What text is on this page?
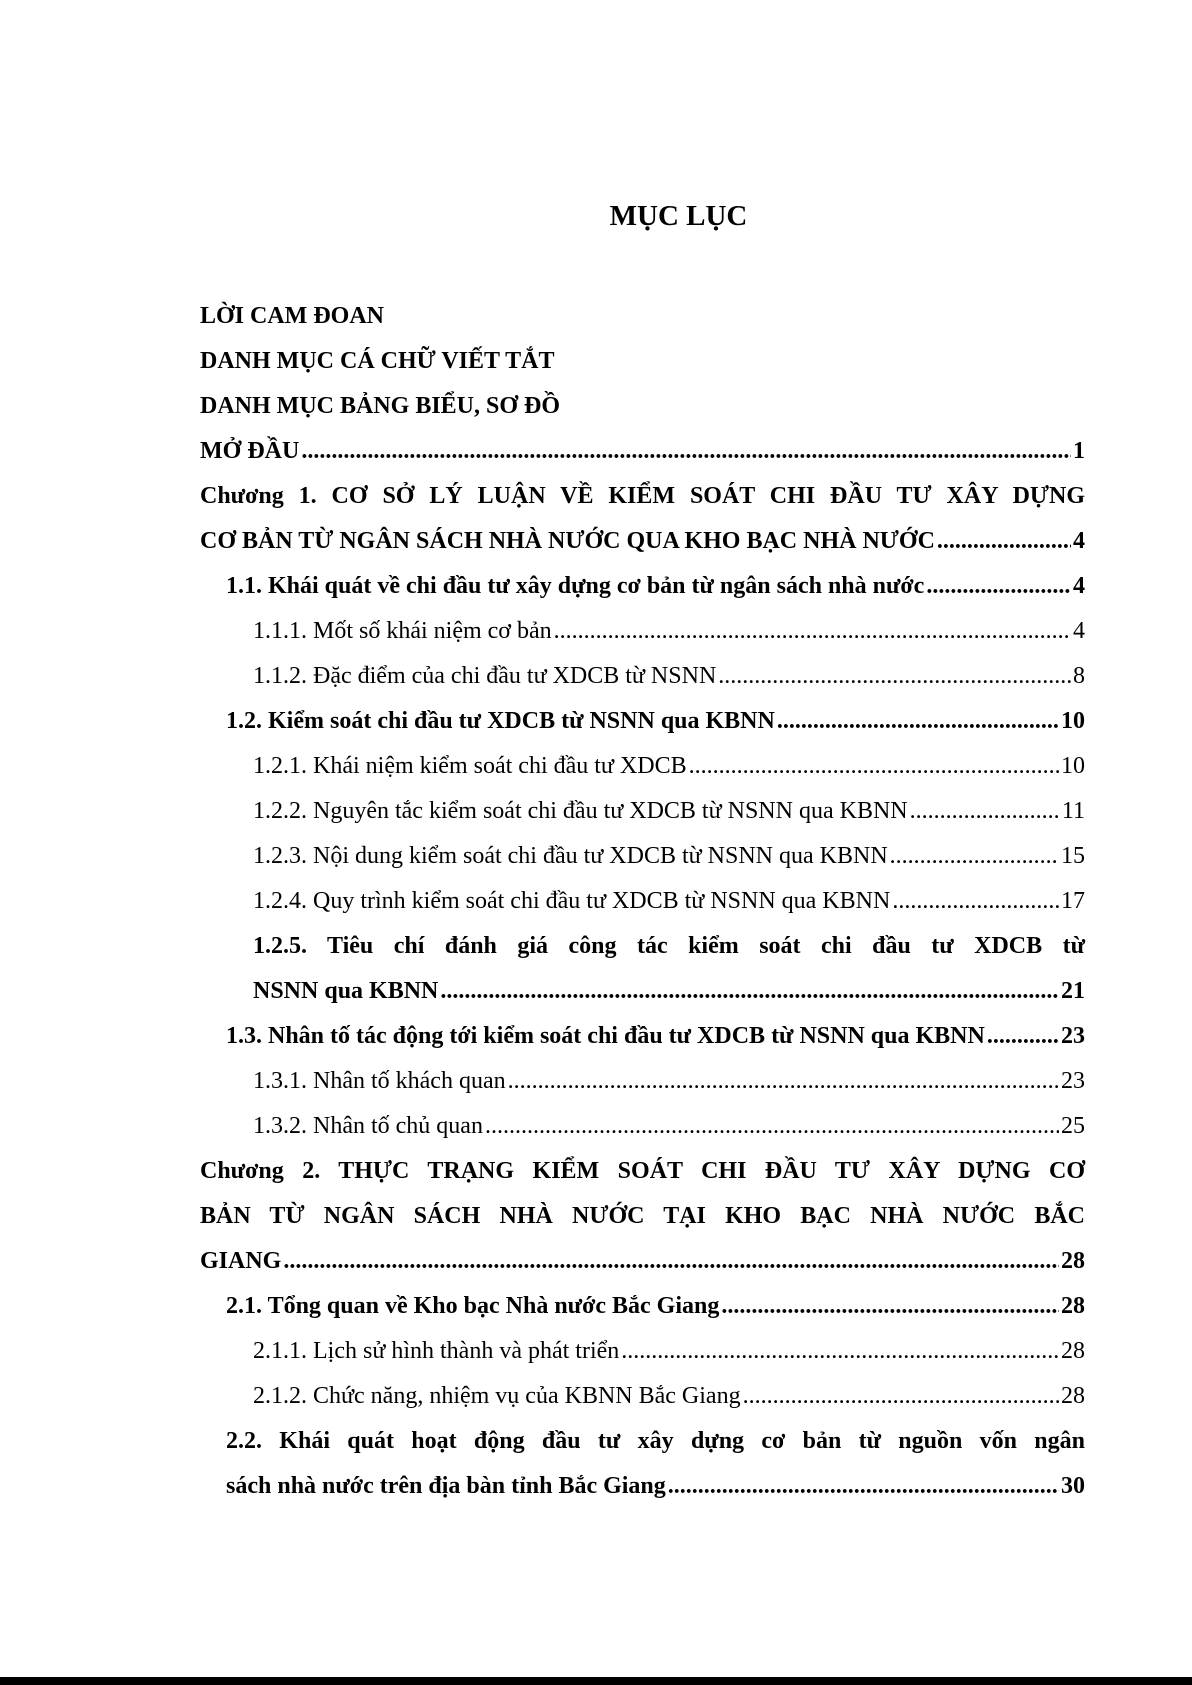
MỤC LỤC
LỜI CAM ĐOAN
DANH MỤC CÁ CHỮ VIẾT TẮT
DANH MỤC BẢNG BIỂU, SƠ ĐỒ
MỞ ĐẦU .....	1
Chương 1. CƠ SỞ LÝ LUẬN VỀ KIỂM SOÁT CHI ĐẦU TƯ XÂY DỰNG
CƠ BẢN TỪ NGÂN SÁCH NHÀ NƯỚC QUA KHO BẠC NHÀ NƯỚC .....	4
1.1. Khái quát về chi đầu tư xây dựng cơ bản từ ngân sách nhà nước .....	4
1.1.1. Mốt số khái niệm cơ bản .....	4
1.1.2. Đặc điểm của chi đầu tư XDCB từ NSNN .....	8
1.2. Kiểm soát chi đầu tư XDCB từ NSNN qua KBNN .....	10
1.2.1. Khái niệm kiểm soát chi đầu tư XDCB .....	10
1.2.2. Nguyên tắc kiểm soát chi đầu tư XDCB từ NSNN qua KBNN .....	11
1.2.3. Nội dung kiểm soát chi đầu tư XDCB từ NSNN qua KBNN .....	15
1.2.4. Quy trình kiểm soát chi đầu tư XDCB từ NSNN qua KBNN .....	17
1.2.5. Tiêu chí đánh giá công tác kiểm soát chi đầu tư XDCB từ
NSNN qua KBNN .....	21
1.3. Nhân tố tác động tới kiểm soát chi đầu tư XDCB từ NSNN qua KBNN .....	23
1.3.1. Nhân tố khách quan .....	23
1.3.2. Nhân tố chủ quan .....	25
Chương 2. THỰC TRẠNG KIỂM SOÁT CHI ĐẦU TƯ XÂY DỰNG CƠ
BẢN TỪ NGÂN SÁCH NHÀ NƯỚC TẠI KHO BẠC NHÀ NƯỚC BẮC
GIANG .....	28
2.1. Tổng quan về Kho bạc Nhà nước Bắc Giang .....	28
2.1.1. Lịch sử hình thành và phát triển .....	28
2.1.2. Chức năng, nhiệm vụ của KBNN Bắc Giang .....	28
2.2. Khái quát hoạt động đầu tư xây dựng cơ bản từ nguồn vốn ngân
sách nhà nước trên địa bàn tỉnh Bắc Giang .....	30
